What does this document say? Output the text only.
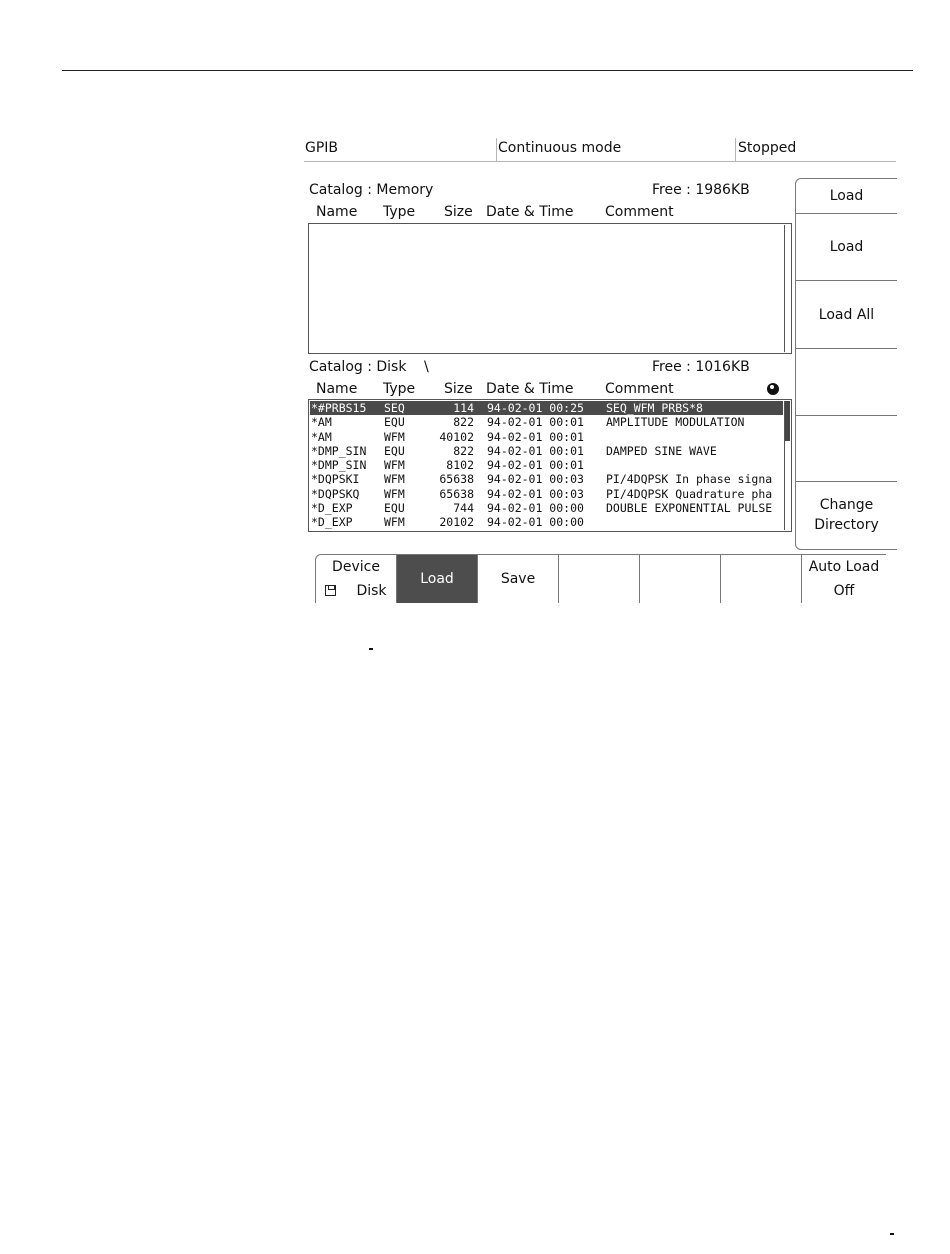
GPIB	Continuous mode	Stopped
Catalog : Memory	Free : 1986KB
Name Type Size Date & Time Comment
Catalog : Disk \	Free : 1016KB
Name Type Size Date & Time Comment
*#PRBS15	SEQ	114 94-02-01 00:25	SEQ_WFM PRBS*8
*AM	EQU	822 94-02-01 00:01	AMPLITUDE MODULATION
*AM	WFM	40102 94-02-01 00:01
*DMP_SIN	EQU	822 94-02-01 00:01	DAMPED SINE WAVE
*DMP_SIN	WFM	8102 94-02-01 00:01
*DQPSKI	WFM	65638 94-02-01 00:03	PI/4DQPSK In phase signa
*DQPSKQ	WFM	65638 94-02-01 00:03	PI/4DQPSK Quadrature pha
*D_EXP	EQU	744 94-02-01 00:00	DOUBLE EXPONENTIAL PULSE
*D_EXP	WFM	20102 94-02-01 00:00
Load
Load
Load All
Change
Directory
Device
Disk
Load	Save
Auto Load
Off
